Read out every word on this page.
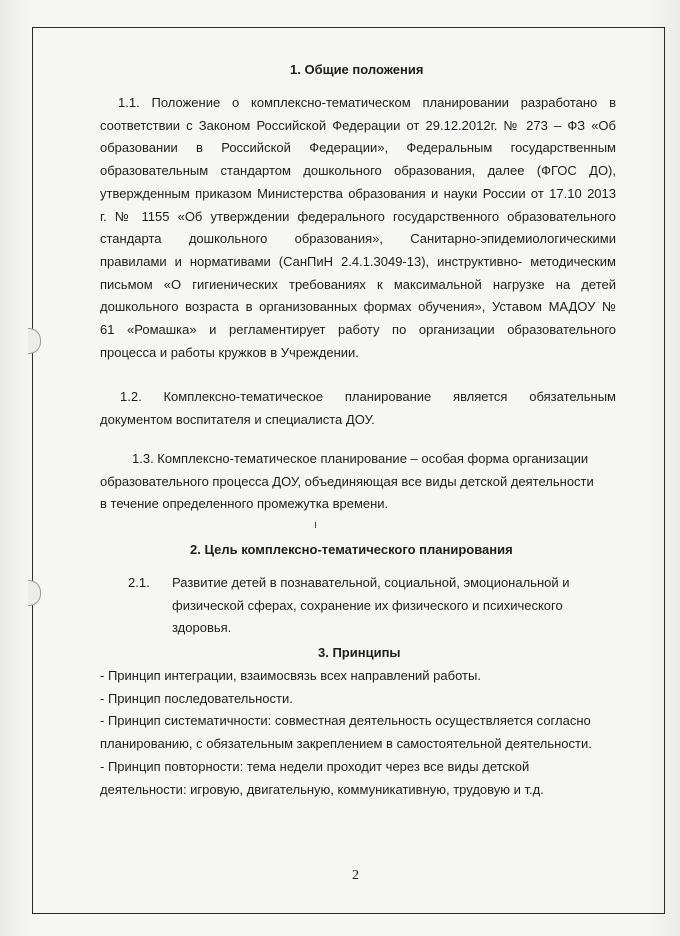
1. Общие положения
1.1. Положение о комплексно-тематическом планировании разработано в
соответствии с Законом Российской Федерации от 29.12.2012г. № 273 – ФЗ «Об
образовании в Российской Федерации», Федеральным государственным
образовательным стандартом дошкольного образования, далее (ФГОС ДО),
утвержденным приказом Министерства образования и науки России от 17.10 2013
г. № 1155 «Об утверждении федерального государственного образовательного
стандарта дошкольного образования», Санитарно-эпидемиологическими
правилами и нормативами (СанПиН 2.4.1.3049-13), инструктивно- методическим
письмом «О гигиенических требованиях к максимальной нагрузке на детей
дошкольного возраста в организованных формах обучения», Уставом МАДОУ №
61 «Ромашка» и регламентирует работу по организации образовательного
процесса и работы кружков в Учреждении.
1.2. Комплексно-тематическое планирование является обязательным
документом воспитателя и специалиста ДОУ.
1.3. Комплексно-тематическое планирование – особая форма организации
образовательного процесса ДОУ, объединяющая все виды детской деятельности
в течение определенного промежутка времени.
2. Цель комплексно-тематического планирования
2.1.	Развитие детей в познавательной, социальной, эмоциональной и
физической сферах, сохранение их физического и психического
здоровья.
3. Принципы
- Принцип интеграции, взаимосвязь всех направлений работы.
- Принцип последовательности.
- Принцип систематичности: совместная деятельность осуществляется согласно
планированию, с обязательным закреплением в самостоятельной деятельности.
- Принцип повторности: тема недели проходит через все виды детской
деятельности: игровую, двигательную, коммуникативную, трудовую и т.д.
2
